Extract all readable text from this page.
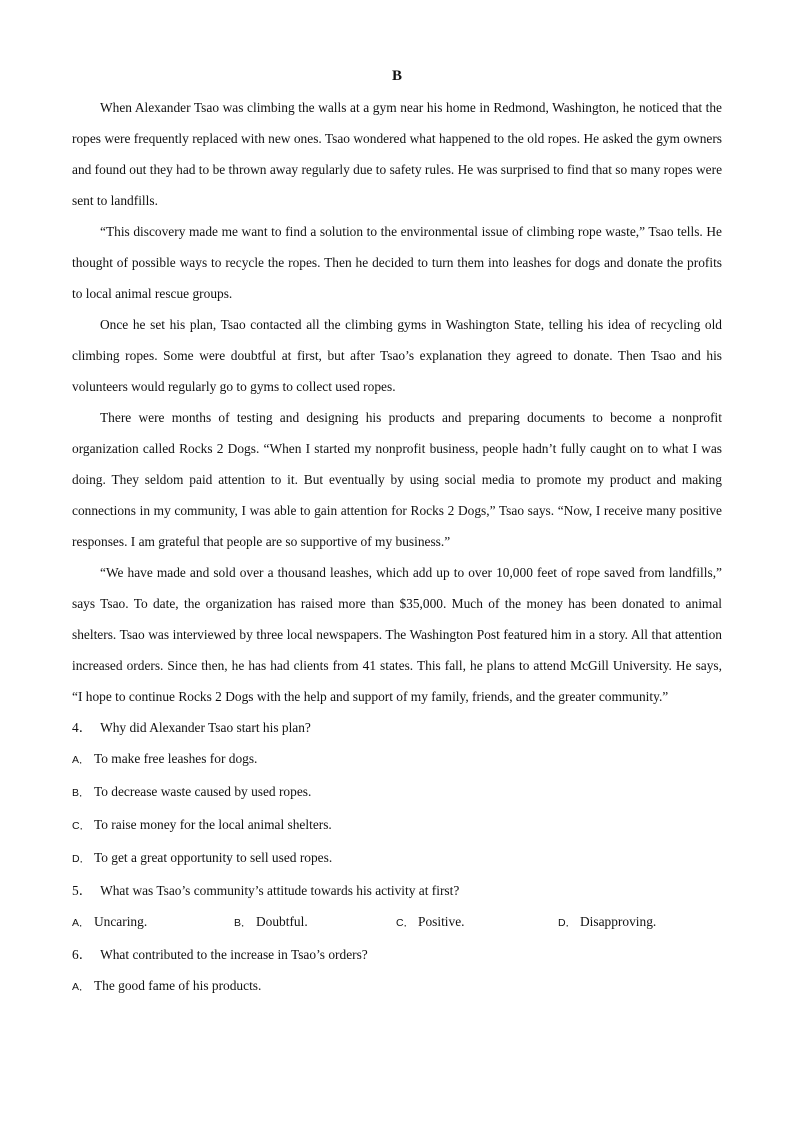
B

When Alexander Tsao was climbing the walls at a gym near his home in Redmond, Washington, he noticed that the ropes were frequently replaced with new ones. Tsao wondered what happened to the old ropes. He asked the gym owners and found out they had to be thrown away regularly due to safety rules. He was surprised to find that so many ropes were sent to landfills.

“This discovery made me want to find a solution to the environmental issue of climbing rope waste,” Tsao tells. He thought of possible ways to recycle the ropes. Then he decided to turn them into leashes for dogs and donate the profits to local animal rescue groups.

Once he set his plan, Tsao contacted all the climbing gyms in Washington State, telling his idea of recycling old climbing ropes. Some were doubtful at first, but after Tsao’s explanation they agreed to donate. Then Tsao and his volunteers would regularly go to gyms to collect used ropes.

There were months of testing and designing his products and preparing documents to become a nonprofit organization called Rocks 2 Dogs. “When I started my nonprofit business, people hadn’t fully caught on to what I was doing. They seldom paid attention to it. But eventually by using social media to promote my product and making connections in my community, I was able to gain attention for Rocks 2 Dogs,” Tsao says. “Now, I receive many positive responses. I am grateful that people are so supportive of my business.”

“We have made and sold over a thousand leashes, which add up to over 10,000 feet of rope saved from landfills,” says Tsao. To date, the organization has raised more than $35,000. Much of the money has been donated to animal shelters. Tsao was interviewed by three local newspapers. The Washington Post featured him in a story. All that attention increased orders. Since then, he has had clients from 41 states. This fall, he plans to attend McGill University. He says, “I hope to continue Rocks 2 Dogs with the help and support of my family, friends, and the greater community.”

4． Why did Alexander Tsao start his plan?

A． To make free leashes for dogs.

B． To decrease waste caused by used ropes.

C． To raise money for the local animal shelters.

D． To get a great opportunity to sell used ropes.

5． What was Tsao’s community’s attitude towards his activity at first?

A． Uncaring.	B． Doubtful.	C． Positive.	D． Disapproving.

6． What contributed to the increase in Tsao’s orders?

A． The good fame of his products.
